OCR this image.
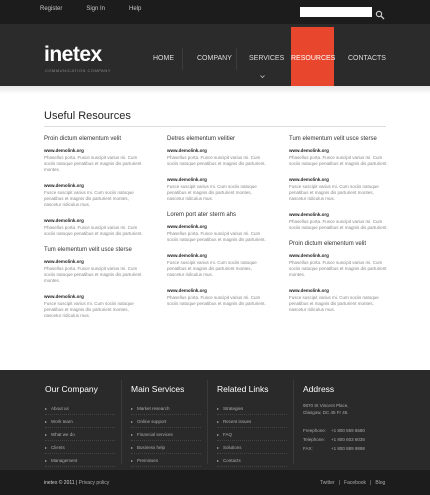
Register	Sign In	Help
inetex
COMMUNICATION COMPANY
HOME	COMPANY SERVICES RESOURCES CONTACTS
Useful Resources
Proin dictum elementum velit
www.demolink.org
Phasellus porta. Fusce suscipit varius mi. Cum sociis natoque penatibus et magnis dis parturient montes.
www.demolink.org
Fusce suscipit varius mi. Cum sociis natoque penatibus et magnis dis parturient montes, nascetur ridiculus mus.
www.demolink.org
Phasellus porta. Fusce suscipit varius mi. Cum sociis natoque penatibus et magnis dis parturient.
Tum elementum velit usce sterse
www.demolink.org
Phasellus porta. Fusce suscipit varius mi. Cum sociis natoque penatibus et magnis dis parturient montes.
www.demolink.org
Fusce suscipit varius mi. Cum sociis natoque penatibus et magnis dis parturient montes, nascetur ridiculus mus.
Detres elementum velitier
www.demolink.org
Phasellus porta. Fusce suscipit varius mi. Cum sociis natoque penatibus et magnis dis parturient.
www.demolink.org
Fusce suscipit varius mi. Cum sociis natoque penatibus et magnis dis parturient montes, nascetur ridiculus mus.
Lorem port ater sterm ahs
www.demolink.org
Phasellus porta. Fusce suscipit varius mi. Cum sociis natoque penatibus et magnis dis parturient.
www.demolink.org
Fusce suscipit varius mi. Cum sociis natoque penatibus et magnis dis parturient montes, nascetur ridiculus mus.
www.demolink.org
Phasellus porta. Fusce suscipit varius mi. Cum sociis natoque penatibus et magnis dis parturient.
Tum elementum velit usce sterse
www.demolink.org
Phasellus porta. Fusce suscipit varius mi. Cum sociis natoque penatibus et magnis dis parturient.
www.demolink.org
Fusce suscipit varius mi. Cum sociis natoque penatibus et magnis dis parturient montes, nascetur ridiculus mus.
www.demolink.org
Phasellus porta. Fusce suscipit varius mi. Cum sociis natoque penatibus et magnis dis parturient.
Proin dictum elementum velit
www.demolink.org
Phasellus porta. Fusce suscipit varius mi. Cum sociis natoque penatibus et magnis dis parturient montes.
www.demolink.org
Fusce suscipit varius mi. Cum sociis natoque penatibus et magnis dis parturient montes, nascetur ridiculus mus.
Our Company
▸ About us
▸ Work team
▸ What we do
▸ Clients
▸ Management
Main Services
▸ Market research
▸ Online support
▸ Financial services
▸ Business help
▸ Premisses
Related Links
▸ Strategies
▸ Recent issues
▸ FAQ
▸ Solutions
▸ Contacts
Address
9870 St Vincent Place,
Glasgow, DC 45 Fr 45.
Freephone:	+1 800 559 6580
Telephone:	+1 800 603 6035
FAX:	+1 800 889 9898
inetex © 2011 | Privacy policy	Twitter | Facebook | Blog
